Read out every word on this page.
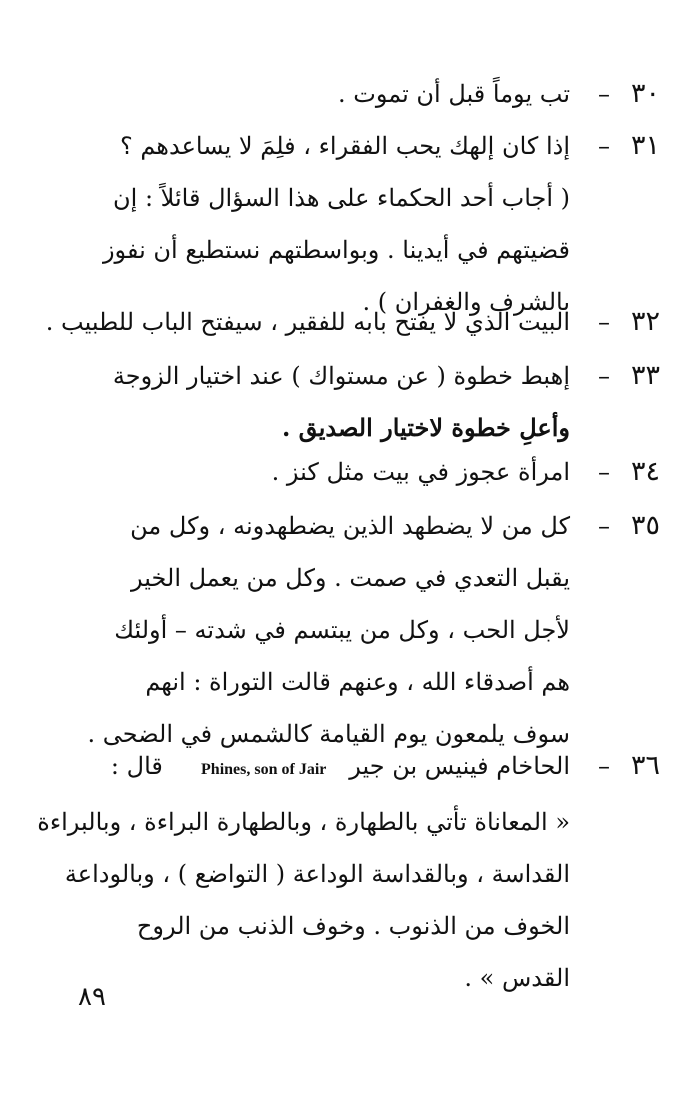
٣٠
–
تب يوماً قبل أن تموت .
٣١
–
إذا كان إلهك يحب الفقراء ، فلِمَ لا يساعدهم ؟
( أجاب أحد الحكماء على هذا السؤال قائلاً : إن
قضيتهم في أيدينا . وبواسطتهم نستطيع أن نفوز
بالشرف والغفران ) .
٣٢
–
البيت الذي لا يفتح بابه للفقير ، سيفتح الباب للطبيب .
٣٣
–
إهبط خطوة ( عن مستواك ) عند اختيار الزوجة
وأعلِ خطوة لاختيار الصديق .
٣٤
–
امرأة عجوز في بيت مثل كنز .
٣٥
–
كل من لا يضطهد الذين يضطهدونه ، وكل من
يقبل التعدي في صمت . وكل من يعمل الخير
لأجل الحب ، وكل من يبتسم في شدته – أولئك
هم أصدقاء الله ، وعنهم قالت التوراة : انهم
سوف يلمعون يوم القيامة كالشمس في الضحى .
٣٦
–
الحاخام فينيس بن جير   Phines, son of Jair     قال :
« المعاناة تأتي بالطهارة ، وبالطهارة البراءة ، وبالبراءة
القداسة ، وبالقداسة الوداعة ( التواضع ) ، وبالوداعة
الخوف من الذنوب . وخوف الذنب من الروح
القدس » .
٨٩
